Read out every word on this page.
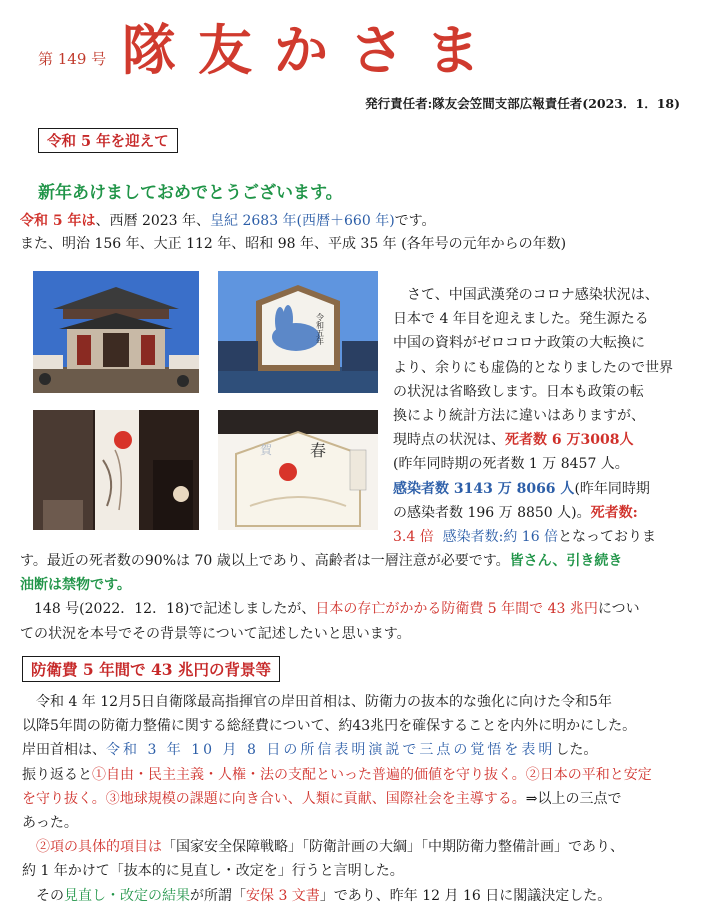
第 149 号 隊友かさま
発行責任者:隊友会笠間支部広報責任者(2023．1．18)
令和 5 年を迎えて
新年あけましておめでとうございます。
令和 5 年は、西暦 2023 年、皇紀 2683 年(西暦＋660 年)です。
また、明治 156 年、大正 112 年、昭和 98 年、平成 35 年 (各年号の元年からの年数)
令和五年
春
賀

　さて、中国武漢発のコロナ感染状況は、

日本で 4 年目を迎えました。発生源たる

中国の資料がゼロコロナ政策の大転換に

より、余りにも虚偽的となりましたので世界

の状況は省略致します。日本も政策の転

換により統計方法に違いはありますが、

現時点の状況は、死者数 6 万3008人

(昨年同時期の死者数 1 万 8457 人。

感染者数 3143 万 8066 人(昨年同時期

の感染者数 196 万 8850 人)。死者数:

3.4 倍 感染者数:約 16 倍となっておりま

す。最近の死者数の90%は 70 歳以上であり、高齢者は一層注意が必要です。皆さん、引き続き

油断は禁物です。

　148 号(2022．12．18)で記述しましたが、日本の存亡がかかる防衛費 5 年間で 43 兆円につい

ての状況を本号でその背景等について記述したいと思います。

防衛費 5 年間で 43 兆円の背景等

　令和 4 年 12月5日自衛隊最高指揮官の岸田首相は、防衛力の抜本的な強化に向けた令和5年

以降5年間の防衛力整備に関する総経費について、約43兆円を確保することを内外に明かにした。

岸田首相は、令和 3 年 10 月 8 日の所信表明演説で三点の覚悟を表明した。

振り返ると①自由・民主主義・人権・法の支配といった普遍的価値を守り抜く。②日本の平和と安定

を守り抜く。③地球規模の課題に向き合い、人類に貢献、国際社会を主導する。⇒以上の三点で

あった。

　②項の具体的項目は「国家安全保障戦略」「防衛計画の大綱」「中期防衛力整備計画」であり、

約 1 年かけて「抜本的に見直し・改定を」行うと言明した。

　その見直し・改定の結果が所謂「安保 3 文書」であり、昨年 12 月 16 日に閣議決定した。
